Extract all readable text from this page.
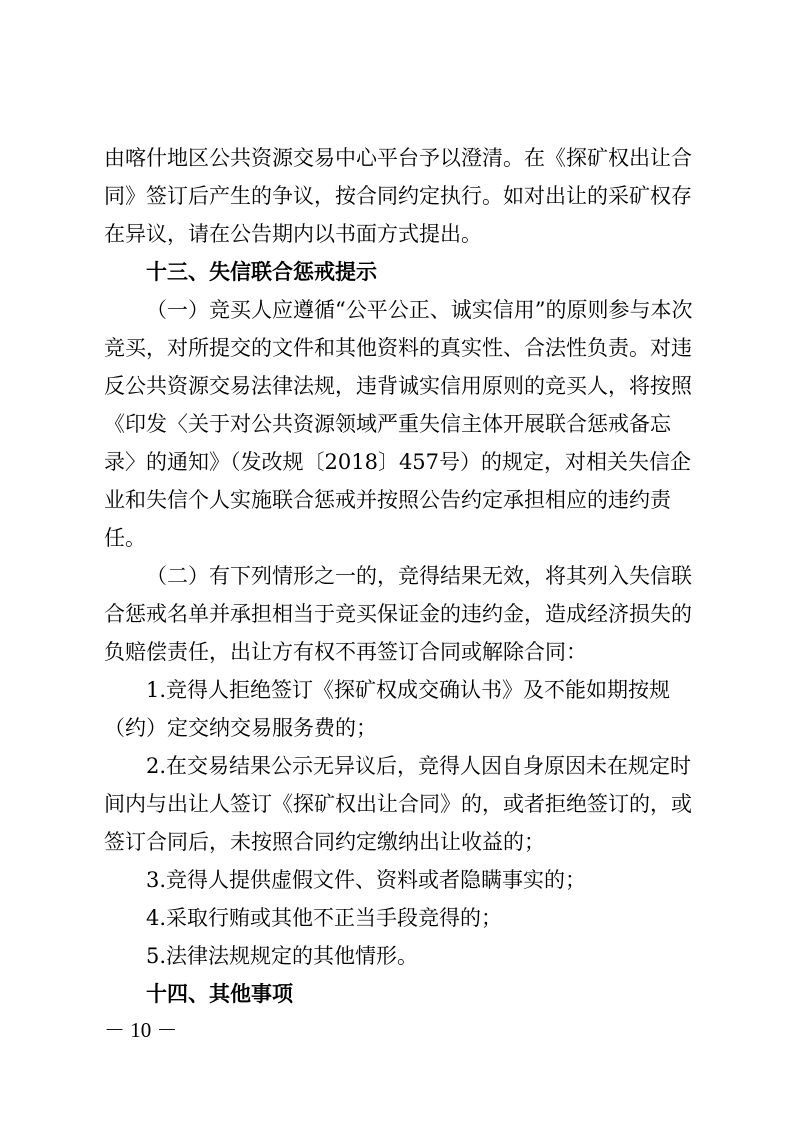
由喀什地区公共资源交易中心平台予以澄清。在《探矿权出让合
同》签订后产生的争议，按合同约定执行。如对出让的采矿权存
在异议，请在公告期内以书面方式提出。
十三、失信联合惩戒提示
（一）竞买人应遵循“公平公正、诚实信用”的原则参与本次
竞买，对所提交的文件和其他资料的真实性、合法性负责。对违
反公共资源交易法律法规，违背诚实信用原则的竞买人，将按照
《印发〈关于对公共资源领域严重失信主体开展联合惩戒备忘
录〉的通知》（发改规〔2018〕457号）的规定，对相关失信企
业和失信个人实施联合惩戒并按照公告约定承担相应的违约责
任。
（二）有下列情形之一的，竞得结果无效，将其列入失信联
合惩戒名单并承担相当于竞买保证金的违约金，造成经济损失的
负赔偿责任，出让方有权不再签订合同或解除合同：
1.竞得人拒绝签订《探矿权成交确认书》及不能如期按规
（约）定交纳交易服务费的；
2.在交易结果公示无异议后，竞得人因自身原因未在规定时
间内与出让人签订《探矿权出让合同》的，或者拒绝签订的，或
签订合同后，未按照合同约定缴纳出让收益的；
3.竞得人提供虚假文件、资料或者隐瞒事实的；
4.采取行贿或其他不正当手段竞得的；
5.法律法规规定的其他情形。
十四、其他事项
－ 10 －
